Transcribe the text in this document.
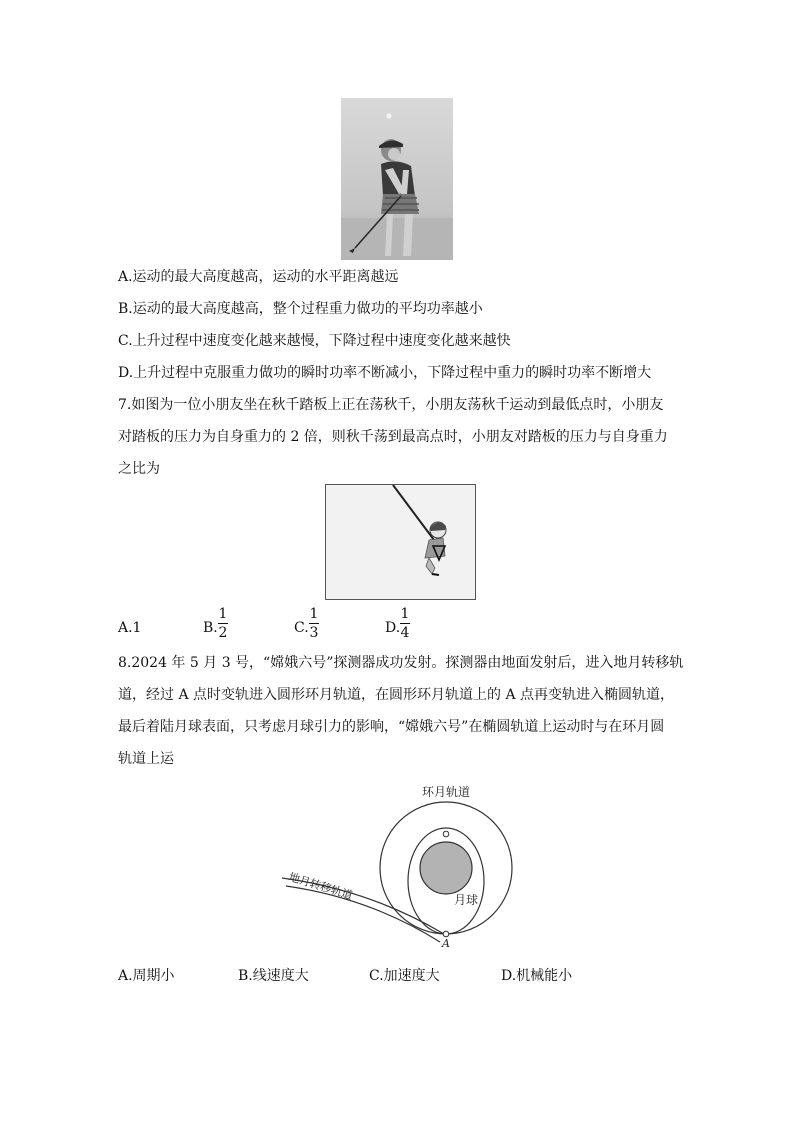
A.运动的最大高度越高，运动的水平距离越远
B.运动的最大高度越高，整个过程重力做功的平均功率越小
C.上升过程中速度变化越来越慢，下降过程中速度变化越来越快
D.上升过程中克服重力做功的瞬时功率不断减小，下降过程中重力的瞬时功率不断增大
7.如图为一位小朋友坐在秋千踏板上正在荡秋千，小朋友荡秋千运动到最低点时，小朋友
对踏板的压力为自身重力的 2 倍，则秋千荡到最高点时，小朋友对踏板的压力与自身重力
之比为
A.1	B.
1
2	C.
1
3	D.
1
4
8.2024 年 5 月 3 号，“嫦娥六号”探测器成功发射。探测器由地面发射后，进入地月转移轨
道，经过 A 点时变轨进入圆形环月轨道，在圆形环月轨道上的 A 点再变轨进入椭圆轨道，
最后着陆月球表面，只考虑月球引力的影响，“嫦娥六号”在椭圆轨道上运动时与在环月圆
轨道上运
环月轨道
月球
地月转移轨道
A
A.周期小	B.线速度大	C.加速度大	D.机械能小
